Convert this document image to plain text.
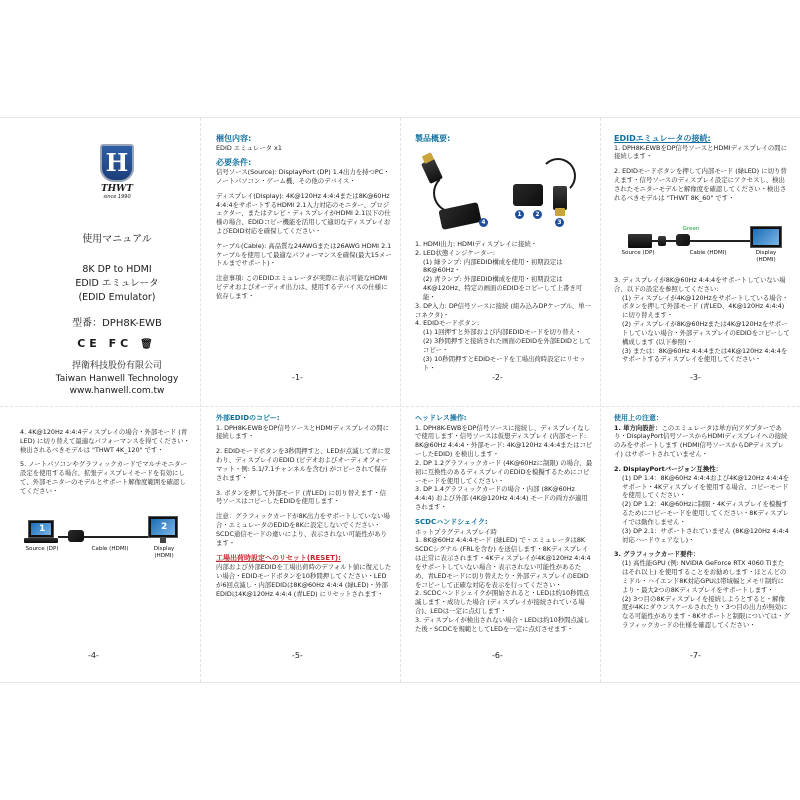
H
THWT
since 1990
使用マニュアル
8K DP to HDMI
EDID エミュレータ
(EDID Emulator)
型番：DPH8K-EWB
CE FC 🗑
捍衛科技股份有限公司
Taiwan Hanwell Technology
www.hanwell.com.tw
梱包内容:
EDID エミュレータ x1
必要条件:

信号ソース(Source): DisplayPort (DP) 1.4出力を持つPC・ノートパソコン・ゲーム機、その他のデバイス・

ディスプレイ(Display): 4K@120Hz 4:4:4または8K@60Hz 4:4:4をサポートするHDMI 2.1入力対応のモニター、プロジェクター、またはテレビ・ディスプレイがHDMI 2.1以下の仕様の場合、EDIDコピー機能を活用して適切なディスプレイおよびEDID対応を確保してください・

ケーブル(Cable): 高品質な24AWGまたは26AWG HDMI 2.1ケーブルを使用して最適なパフォーマンスを確保(最大15メートルまでサポート)・

注意事項: このEDIDエミュレータが実際に表示可能なHDMIビデオおよびオーディオ出力は、使用するデバイスの仕様に依存します・

-1-
製品概要:
4
1	2
3
1. HDMI出力: HDMIディスプレイに接続・
2. LED状態インジケーター:
(1) 緑ランプ: 内部EDID構成を使用・初期設定は8K@60Hz・
(2) 青ランプ: 外部EDID構成を使用・初期設定は4K@120Hz、特定の画面のEDIDをコピーして上書き可能・
3. DP入力: DP信号ソースに接続 (組み込みDPケーブル、単一コネクタ)・
4. EDIDモードボタン:
(1) 1回押すと外部および内部EDIDモードを切り替え・
(2) 3秒間押すと接続された画面のEDIDを外部EDIDとしてコピー・
(3) 10秒間押すとEDIDモードを工場出荷時設定にリセット・
-2-
EDIDエミュレータの接続:

1. DPH8K-EWBをDP信号ソースとHDMIディスプレイの間に接続します・

2. EDIDモードボタンを押して内部モード (緑LED) に切り替えます・信号ソースのディスプレイ設定にアクセスし、検出されたモニターモデルと解像度を確認してください・検出されるべきモデルは "THWT 8K_60" です・

Green
Source (DP)	Cable (HDMI)	Display (HDMI)

3. ディスプレイが8K@60Hz 4:4:4をサポートしていない場合、以下の設定を参照してください:

(1) ディスプレイが4K@120Hzをサポートしている場合・ボタンを押して外部モード (青LED、4K@120Hz 4:4:4) に切り替えます・

(2) ディスプレイが8K@60Hzまたは4K@120Hzをサポートしていない場合・外部ディスプレイのEDIDをコピーして構成します (以下参照)・

(3) または：8K@60Hz 4:4:4または4K@120Hz 4:4:4をサポートするディスプレイを使用してください・

-3-

4. 4K@120Hz 4:4:4ディスプレイの場合・外部モード (青LED) に切り替えて最適なパフォーマンスを得てください・検出されるべきモデルは "THWT 4K_120" です・

5. ノートパソコンやグラフィックカードでマルチモニター設定を使用する場合、拡張ディスプレイモードを有効にして、外部モニターのモデルとサポート解像度範囲を確認してください・

1	2
Source (DP)	Cable (HDMI)	Display (HDMI)
-4-
外部EDIDのコピー:

1. DPH8K-EWBをDP信号ソースとHDMIディスプレイの間に接続します・

2. EDIDモードボタンを3秒間押すと、LEDが点滅して青に変わり、ディスプレイのEDID (ビデオおよびオーディオフォーマット・例: 5.1/7.1チャンネルを含む) がコピーされて保存されます・

3. ボタンを押して外部モード (青LED) に切り替えます・信号ソースはコピーしたEDIDを使用します・

注意：グラフィックカードが8K出力をサポートしていない場合・エミュレータのEDIDを8Kに設定しないでください・SCDC通信モードの違いにより、表示されない可能性があります・

工場出荷時設定へのリセット(RESET):

内部および外部EDIDを工場出荷時のデフォルト値に復元したい場合・EDIDモードボタンを10秒間押してください・LEDが6回点滅し・内部EDIDは8K@60Hz 4:4:4 (緑LED)・外部EDIDは4K@120Hz 4:4:4 (青LED) にリセットされます・

-5-
ヘッドレス操作:

1. DPH8K-EWBをDP信号ソースに接続し、ディスプレイなしで使用します・信号ソースは仮想ディスプレイ (内部モード: 8K@60Hz 4:4:4・外部モード: 4K@120Hz 4:4:4またはコピーしたEDID) を検出します・

2. DP 1.2グラフィックカード (4K@60Hzに制限) の場合、最初に互換性のあるディスプレイのEDIDを模擬するためにコピーモードを使用してください・

3. DP 1.4グラフィックカードの場合・内部 (8K@60Hz 4:4:4) および外部 (4K@120Hz 4:4:4) モードの両方が適用されます・

SCDCハンドシェイク:
ホットプラグディスプレイ時

1. 8K@60Hz 4:4:4モード (緑LED) で・エミュレータは8K SCDCシグナル (FRLを含む) を送信します・8Kディスプレイは正常に表示されます・4Kディスプレイが4K@120Hz 4:4:4をサポートしていない場合・表示されない可能性があるため、青LEDモードに切り替えたり・外部ディスプレイのEDIDをコピーして正確な対応を表示を行ってください・

2. SCDCハンドシェイクが開始されると・LEDは約10秒間点滅します・成功した場合 (ディスプレイが接続されている場合)、LEDは一定に点灯します・

3. ディスプレイが検出されない場合・LEDは約10秒間点滅した後・SCDCを規範としてLEDを一定に点灯させます・

-6-
使用上の注意：

1. 単方向設計：このエミュレータは単方向アダプターであり・DisplayPort信号ソースからHDMIディスプレイへの接続のみをサポートします (HDMI信号ソースからDPディスプレイ) はサポートされていません・

2. DisplayPortバージョン互換性：

(1) DP 1.4：8K@60Hz 4:4:4および4K@120Hz 4:4:4をサポート・4Kディスプレイを使用する場合、コピーモードを使用してください・

(2) DP 1.2：4K@60Hzに制限・4Kディスプレイを模擬するためにコピーモードを使用してください・8Kディスプレイでは動作しません・

(3) DP 2.1：サポートされていません (8K@120Hz 4:4:4対応ハードウェアなし)・

3. グラフィックカード要件：

(1) 高性能GPU (例: NVIDIA GeForce RTX 4060 Tiまたはそれ以上) を使用することをお勧めします・ほとんどのミドル・ハイエンド8K対応GPUは帯域幅とメモリ制約により・最大2つの8Kディスプレイをサポートします・

(2) 3つ目の8Kディスプレイを接続しようとすると・解像度が4Kにダウンスケールされたり・3つ目の出力が無効になる可能性があります・8Kサポートと制限については・グラフィックカードの仕様を確認してください・

-7-
